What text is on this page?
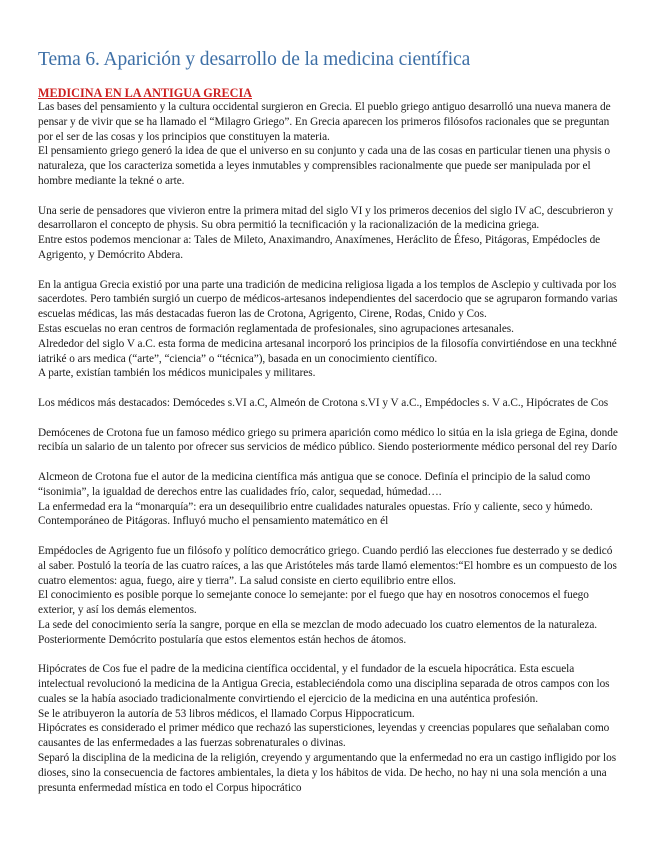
Tema 6. Aparición y desarrollo de la medicina científica
MEDICINA EN LA ANTIGUA GRECIA

Las bases del pensamiento y la cultura occidental surgieron en Grecia. El pueblo griego antiguo desarrolló una nueva manera de pensar y de vivir que se ha llamado el “Milagro Griego”. En Grecia aparecen los primeros filósofos racionales que se preguntan por el ser de las cosas y los principios que constituyen la materia.

El pensamiento griego generó la idea de que el universo en su conjunto y cada una de las cosas en particular tienen una physis o naturaleza, que los caracteriza sometida a leyes inmutables y comprensibles racionalmente que puede ser manipulada por el hombre mediante la tekné o arte.

Una serie de pensadores que vivieron entre la primera mitad del siglo VI y los primeros decenios del siglo IV aC, descubrieron y desarrollaron el concepto de physis. Su obra permitió la tecnificación y la racionalización de la medicina griega.

Entre estos podemos mencionar a: Tales de Mileto, Anaximandro, Anaxímenes, Heráclito de Éfeso, Pitágoras, Empédocles de Agrigento, y Demócrito Abdera.

En la antigua Grecia existió por una parte una tradición de medicina religiosa ligada a los templos de Asclepio y cultivada por los sacerdotes. Pero también surgió un cuerpo de médicos-artesanos independientes del sacerdocio que se agruparon formando varias escuelas médicas, las más destacadas fueron las de Crotona, Agrigento, Cirene, Rodas, Cnido y Cos.

Estas escuelas no eran centros de formación reglamentada de profesionales, sino agrupaciones artesanales.

Alrededor del siglo V a.C. esta forma de medicina artesanal incorporó los principios de la filosofía convirtiéndose en una teckhné iatriké o ars medica (“arte”, “ciencia” o “técnica”), basada en un conocimiento científico.

A parte, existían también los médicos municipales y militares.

Los médicos más destacados: Demócedes s.VI a.C, Almeón de Crotona s.VI y V a.C., Empédocles s. V a.C., Hipócrates de Cos

Demócenes de Crotona fue un famoso médico griego su primera aparición como médico lo sitúa en la isla griega de Egina, donde recibía un salario de un talento por ofrecer sus servicios de médico público. Siendo posteriormente médico personal del rey Darío

Alcmeon de Crotona fue el autor de la medicina científica más antigua que se conoce. Definía el principio de la salud como “isonimia”, la igualdad de derechos entre las cualidades frío, calor, sequedad, húmedad….

La enfermedad era la “monarquía”: era un desequilibrio entre cualidades naturales opuestas. Frío y caliente, seco y húmedo. Contemporáneo de Pitágoras. Influyó mucho el pensamiento matemático en él

Empédocles de Agrigento fue un filósofo y político democrático griego. Cuando perdió las elecciones fue desterrado y se dedicó al saber. Postuló la teoría de las cuatro raíces, a las que Aristóteles más tarde llamó elementos:“El hombre es un compuesto de los cuatro elementos: agua, fuego, aire y tierra”. La salud consiste en cierto equilibrio entre ellos.

El conocimiento es posible porque lo semejante conoce lo semejante: por el fuego que hay en nosotros conocemos el fuego exterior, y así los demás elementos.

La sede del conocimiento sería la sangre, porque en ella se mezclan de modo adecuado los cuatro elementos de la naturaleza. Posteriormente Demócrito postularía que estos elementos están hechos de átomos.

Hipócrates de Cos fue el padre de la medicina científica occidental, y el fundador de la escuela hipocrática. Esta escuela intelectual revolucionó la medicina de la Antigua Grecia, estableciéndola como una disciplina separada de otros campos con los cuales se la había asociado tradicionalmente convirtiendo el ejercicio de la medicina en una auténtica profesión.

Se le atribuyeron la autoría de 53 libros médicos, el llamado Corpus Hippocraticum.

Hipócrates es considerado el primer médico que rechazó las supersticiones, leyendas y creencias populares que señalaban como causantes de las enfermedades a las fuerzas sobrenaturales o divinas.

Separó la disciplina de la medicina de la religión, creyendo y argumentando que la enfermedad no era un castigo infligido por los dioses, sino la consecuencia de factores ambientales, la dieta y los hábitos de vida. De hecho, no hay ni una sola mención a una presunta enfermedad mística en todo el Corpus hipocrático
